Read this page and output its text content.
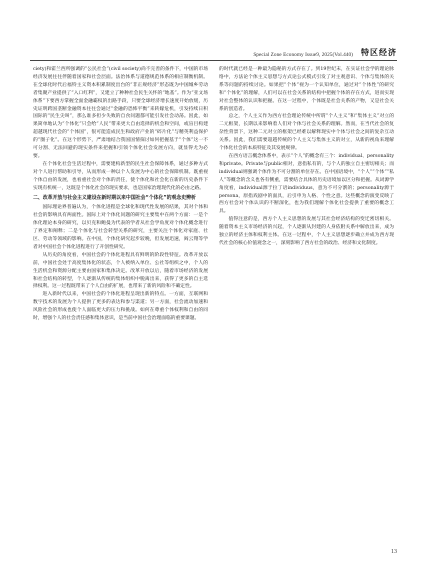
Special Zone Economy Issue9, 2025(Vol.440) 特区经济

ciety)和霍兰西所强调的“公民社会”(civil society)尚不完善的条件下，中国的市场经济发展往往伴随着国家和社会层面。法治体系与道德规范体系的相应制衡机制。在全球化时代后福特主义资本积累制度出台的“非正规经济”形态既为中国城乡劳动者集聚产业提供了“入口红利”，又建立了种种社会民生关怀的“地基”。作为“亚文场体系”下要西方掌握全面金融霸权的出路手段，只要全球经济增长速度开始放缓，历史证明跨国垄断金融资本往往会通过“金融的恐怖平衡”来转嫁危机，引发持续日积国际的“民生尖叫”，那么谁多担少失败的自食问题都可能引发社会动荡。因此，如果简单地认为“个体化”只会给“人民”带来更大自由选择的机会和空间，或盲目构建超越现代社会的“个体国”，很可能造成民生和政府产业的“碎片化”与精英利益保护的“圈子化”。在这个形势下，严肃地结合我国国情探讨如何把握基于“个体”这一不可分割、无法回避的现实条件来把握和引领个体化社会发展方向，就显得尤为必要。

在个体化社会生活过程中，需要建构新型的民生社会保障体系，通过多种方式对个人进行帮助和引导，从而形成一种以个人发展为中心的社会保障机制。既重视个体自由的发展，也看重社会对个体的责任，使个体化和社会化在新的历史条件下实现有机统一，这既是个体化社会的现实要求，也是国家治理现代化的必由之路。

二、改革开放与社会主义建设在新时期以来中国社会“个体化”的观念史辨析

国际理论界普遍认为，个体化进程是全球化和现代性发展的结果，其对个体和社会的影响具有两面性。国际上对个体化问题的研究主要集中在两个方面：一是个体化理论本身的研究，以贝克和鲍曼为代表的学者从社会学角度对个体化概念进行了界定和阐释；二是个体化与社会转型关系的研究，主要关注个体化对家庭、社区、劳动等领域的影响。在中国，个体化研究起步较晚，但发展迅速，阎云翔等学者对中国社会个体化进程进行了开创性研究。

从历史的角度看，中国社会的个体化进程具有鲜明的阶段性特征。改革开放以前，中国社会处于高度集体化的状态，个人被纳入单位、公社等组织之中，个人的生活机会和资源分配主要由国家和集体决定。改革开放以后，随着市场经济的发展和社会结构的转型，个人逐渐从传统的集体组织中脱离出来，获得了更多的自主选择权利。这一过程既带来了个人自由的扩展，也带来了新的风险和不确定性。

进入新时代以来，中国社会的个体化进程呈现出新的特点。一方面，互联网和数字技术的发展为个人提供了更多的表达和参与渠道；另一方面，社会流动加速和风险社会的形成也使个人面临更大的压力和挑战。如何在尊重个体权利和自由的同时，增强个人的社会责任感和集体意识，是当前中国社会治理面临的重要课题。

的时代就已经是一种最为隐秘的方式存在了。到19世纪末，在实证社会学的理论脉络中，方法论个体主义思想与方式论公式模式引发了对主观意识、个体与集体的关系等问题的持续讨论。如果把“个体”视为一个认知单位，通过对“个体性”的研究和“个体化”的理解，人们可以在社会关系的结构中把握个体的存在方式，进而实现对社会整体的认识和把握。在这一过程中，个体既是社会关系的产物，又是社会关系的创造者。

总之，个人主义作为西方社会理论传统中所谓“个人主义”和“集体主义”对立的二元框架，长期以来影响着人们对个体与社会关系的理解。然而，在当代社会的复杂性背景下，这种二元对立的框架已经难以解释现实中个体与社会之间的复杂互动关系。因此，我们需要超越传统的个人主义与集体主义的对立，从新的视角来理解个体化社会的本质特征及其发展规律。

在西方语言概念体系中，表示“个人”的概念有三个：individual、personality和private。Private与public相对，意指私有的，与个人的独立自主密切相关；而individual则强调个体作为不可分割的单位存在。在中国语境中，“个人”“个体”“私人”等概念的含义也各有侧重，需要结合具体的历史语境加以区分和把握。从词源学角度看，individual源于拉丁语individuus，意为不可分割的；personality源于persona，原指戏剧中的面具，后引申为人格、个性之意。这些概念的演变反映了西方社会对个体认识的不断深化，也为我们理解个体化社会提供了重要的概念工具。

值得注意的是，西方个人主义思想的发展与其社会经济结构的变迁密切相关。随着资本主义市场经济的兴起，个人逐渐从封建的人身依附关系中解放出来，成为独立的经济主体和权利主体。在这一过程中，个人主义思想逐步确立并成为西方现代社会的核心价值观念之一，深刻影响了西方社会的政治、经济和文化制度。

13
